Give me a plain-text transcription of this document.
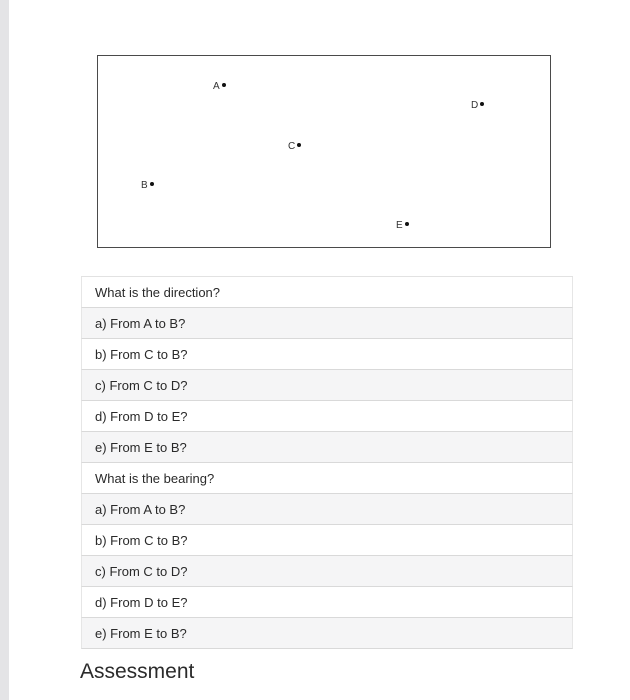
A
B
C
D
E
What is the direction?
a) From A to B?
b) From C to B?
c) From C to D?
d) From D to E?
e) From E to B?
What is the bearing?
a) From A to B?
b) From C to B?
c) From C to D?
d) From D to E?
e) From E to B?
Assessment
